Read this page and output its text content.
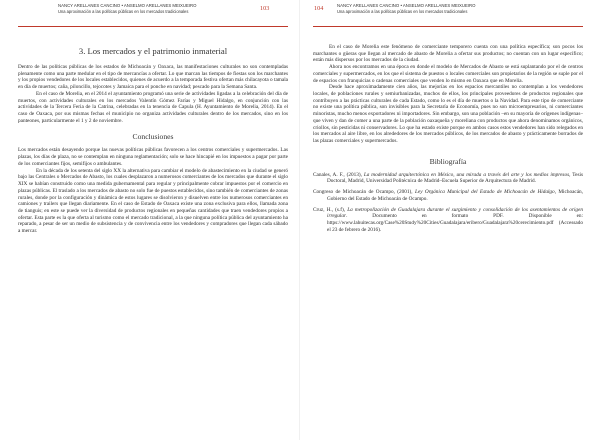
NANCY ARELLANES CANCINO • ANSELMO ARELLANES MEIXUEIRO
Una aproximación a las políticas públicas en los mercados tradicionales	103
3. Los mercados y el patrimonio inmaterial

Dentro de las políticas públicas de los estados de Michoacán y Oaxaca, las manifestaciones culturales no son contempladas plenamente como una parte medular en el tipo de mercancías a ofertar. Lo que marcan las tiempos de fiestas son los marchantes y los propios vendedores de los locales establecidos, quienes de acuerdo a la temporada festiva ofertan más chilacayota o tamala en día de muertos; caña, piloncillo, tejocotes y Jamaica para el ponche en navidad; pescado para la Semana Santa.

En el caso de Morelia, en el 2014 el ayuntamiento programó una serie de actividades ligadas a la celebración del día de muertos, con actividades culturales en los mercados Valentín Gómez Farías y Miguel Hidalgo, en conjunción con las actividades de la Tercera Feria de la Catrina, celebradas en la tenencia de Capula (H. Ayuntamiento de Morelia, 2014). En el caso de Oaxaca, por sus mismas fechas el municipio no organiza actividades culturales dentro de los mercados, sino en los panteones, particularmente el 1 y 2 de noviembre.

Conclusiones

Los mercados están desayendo porque las nuevas políticas públicas favorecen a los centros comerciales y supermercados. Las plazas, los días de plaza, no se contemplan en ninguna reglamentación; solo se hace hincapié en los impuestos a pagar por parte de los comerciantes fijos, semifijos o ambulantes.

En la década de los setenta del siglo XX la alternativa para cambiar el modelo de abastecimiento en la ciudad se generó bajo las Centrales o Mercados de Abasto, los cuales desplazaron a numerosos comerciantes de los mercados que durante el siglo XIX se habían construido como una medida gubernamental para regular y principalmente cobrar impuestos por el comercio en plazas públicas. El traslado a los mercados de abasto no solo fue de puestos establecidos, sino también de comerciantes de zonas rurales, donde por la configuración y dinámica de estos lugares se disolvieron y disuelven entre los numerosos comerciantes en camiones y trailers que llegan diariamente. En el caso de Estado de Oaxaca existe una zona exclusiva para ellos, llamada zona de tianguis; en este se puede ver la diversidad de productos regionales en pequeñas cantidades que traen vendedores propios a ofertar. Esta parte es la que oferta al turismo como el mercado tradicional, a la que ninguna política pública del ayuntamiento ha reparado, a pesar de ser un medio de subsistencia y de convivencia entre los vendedores y compradores que llegan cada sábado a mercar.

104	NANCY ARELLANES CANCINO • ANSELMO ARELLANES MEIXUEIRO
Una aproximación a las políticas públicas en los mercados tradicionales

En el caso de Morelia este fenómeno de comerciante temporero cuenta con una política específica; son pocos los marchantes o güeras que llegan al mercado de abasto de Morelia a ofertar sus productos; no cuentan con un lugar específico; están más dispersos por los mercados de la ciudad.

Ahora nos encontramos en una época en donde el modelo de Mercados de Abasto se está suplantando por el de centros comerciales y supermercados, en los que el sistema de puestos o locales comerciales son propietarios de la región se suple por el de espacios con franquicias o cadenas comerciales que venden lo mismo en Oaxaca que en Morelia.

Desde hace aproximadamente cien años, las mejorías en los espacios mercantiles no contemplan a los vendedores locales, de poblaciones rurales y semiurbanizadas, muchos de ellos, los principales proveedores de productos regionales que contribuyen a las prácticas culturales de cada Estado, como lo es el día de muertos o la Navidad. Para este tipo de comerciante no existe una política pública, son invisibles para la Secretaría de Economía, pues no son microempresarios, ni comerciantes minoristas, mucho menos exportadores ni importadores. Sin embargo, son una población –en su mayoría de orígenes indígenas– que viven y dan de comer a una parte de la población oaxaqueña y moreliana con productos que ahora denominamos orgánicos, criollos, sin pesticidas ni conservadores. Lo que ha estado existe porque en ambos casos estos vendedores han sido relegados en los mercados al aire libre, en los alrededores de los mercados públicos, de los mercados de abasto y prácticamente borrados de las plazas comerciales y supermercados.

Bibliografía
Canales, A. F., (2013), La modernidad arquitectónica en México, una mirada a través del arte y los medios impresos, Tesis Doctoral, Madrid, Universidad Politécnica de Madrid–Escuela Superior de Arquitectura de Madrid.
Congreso de Michoacán de Ocampo, (2001), Ley Orgánica Municipal del Estado de Michoacán de Hidalgo, Michoacán, Gobierno del Estado de Michoacán de Ocampo.
Cruz, H., (s.f), La metropolización de Guadalajara durante el surgimiento y consolidación de los asentamientos de origen irregular. Documento en formato PDF. Disponible en: https://www.lahuitecas.org/Case%20Study%20Cities/Guadalajara/eribero/Guadalajara%20cerecimiento.pdf (Accessado el 23 de febrero de 2016).
